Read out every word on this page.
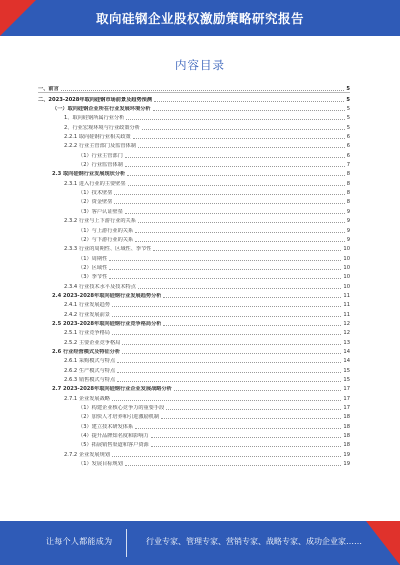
取向硅钢企业股权激励策略研究报告
内容目录
一、前言	5
二、2023-2028年取向硅钢市场前景及趋势预测	5
（一）取向硅钢企业所在行业发展环境分析	5
1、取向硅钢所属行业分析	5
2、行业宏观环境与行业政策分析	5
2.2.1 取向硅钢行业相关政策	6
2.2.2 行业主管部门及监管体制	6
（1）行业主管部门	6
（2）行业监管体制	7
2.3 取向硅钢行业发展现状分析	8
2.3.1 进入行业的主要壁垒	8
（1）技术壁垒	8
（2）资金壁垒	8
（3）客户认证壁垒	9
2.3.2 行业与上下游行业的关系	9
（1）与上游行业的关系	9
（2）与下游行业的关系	9
2.3.3 行业的周期性、区域性、季节性	10
（1）周期性	10
（2）区域性	10
（3）季节性	10
2.3.4 行业技术水平及技术特点	10
2.4 2023-2028年取向硅钢行业发展趋势分析	11
2.4.1 行业发展趋势	11
2.4.2 行业发展前景	11
2.5 2023-2028年取向硅钢行业竞争格局分析	12
2.5.1 行业竞争格局	12
2.5.2 主要企业竞争格局	13
2.6 行业经营模式及特征分析	14
2.6.1 采购模式与特点	14
2.6.2 生产模式与特点	15
2.6.3 销售模式与特点	15
2.7 2023-2028年取向硅钢行业企业发展战略分析	17
2.7.1 企业发展战略	17
（1）构建企业核心竞争力的重要手段	17
（2）加快人才培养和引进激励机制	18
（3）建立技术研发体系	18
（4）提升品牌知名度和影响力	18
（5）拓展销售渠道和客户资源	18
2.7.2 企业发展规划	19
（1）发展目标规划	19
让每个人都能成为	行业专家、管理专家、营销专家、战略专家、成功企业家……
